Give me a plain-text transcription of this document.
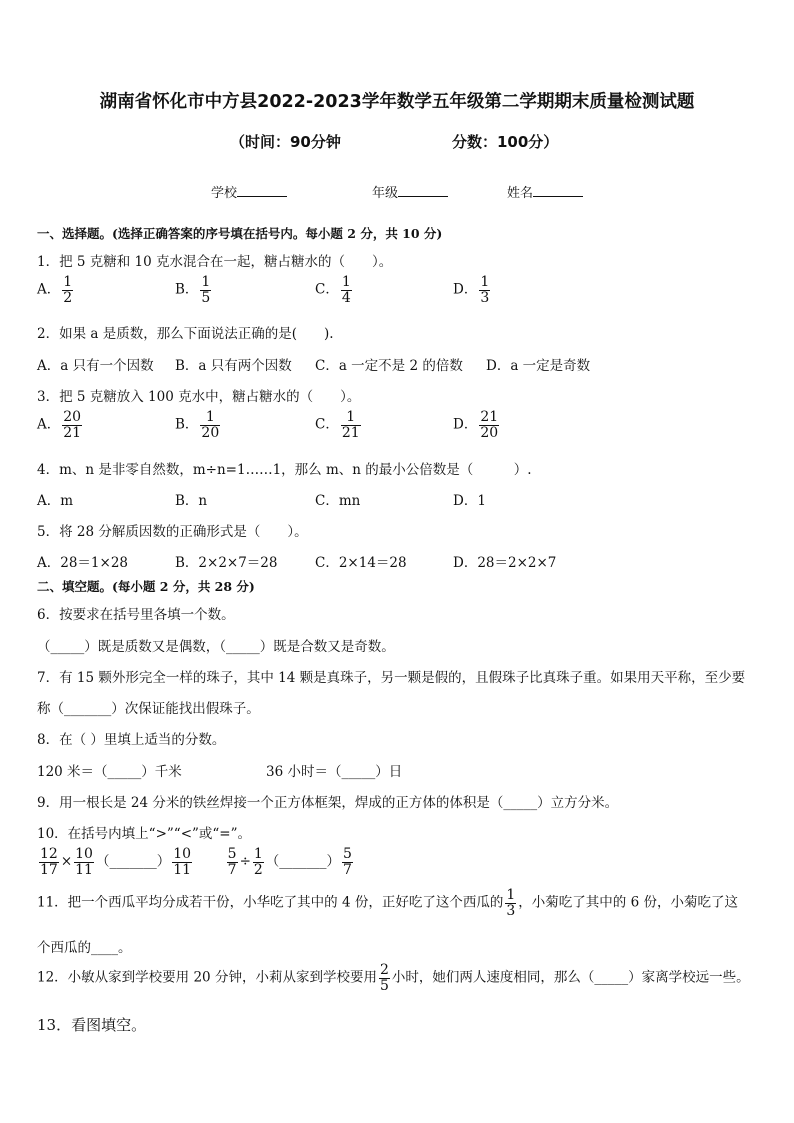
湖南省怀化市中方县2022-2023学年数学五年级第二学期期末质量检测试题
（时间：90分钟	分数：100分）
学校	年级	姓名
一、选择题。(选择正确答案的序号填在括号内。每小题 2 分，共 10 分)
1．把 5 克糖和 10 克水混合在一起，糖占糖水的（　　）。
A． $\frac{1}{2}$	B． $\frac{1}{5}$	C． $\frac{1}{4}$	D． $\frac{1}{3}$
2．如果 a 是质数，那么下面说法正确的是(　　).
A．a 只有一个因数 B．a 只有两个因数 C．a 一定不是 2 的倍数 D．a 一定是奇数
3．把 5 克糖放入 100 克水中，糖占糖水的（　　）。
A． $\frac{20}{21}$	B． $\frac{1}{20}$	C． $\frac{1}{21}$	D． $\frac{21}{20}$
4．m、n 是非零自然数，m÷n=1……1，那么 m、n 的最小公倍数是（　　　）.
A．m	B．n	C．mn	D．1
5．将 28 分解质因数的正确形式是（　　）。
A．28＝1×28	B．2×2×7＝28	C．2×14＝28	D．28＝2×2×7
二、填空题。(每小题 2 分，共 28 分)
6．按要求在括号里各填一个数。
（_____）既是质数又是偶数，（_____）既是合数又是奇数。
7．有 15 颗外形完全一样的珠子，其中 14 颗是真珠子，另一颗是假的，且假珠子比真珠子重。如果用天平称，至少要
称（_______）次保证能找出假珠子。
8．在（ ）里填上适当的分数。
120 米＝（_____）千米	36 小时＝（_____）日
9．用一根长是 24 分米的铁丝焊接一个正方体框架，焊成的正方体的体积是（_____）立方分米。
10．在括号内填上“>”“<”或“=”。
$\frac{12}{17} \times \frac{10}{11}$ （_______） $\frac{10}{11}$
$\frac{5}{7} \div \frac{1}{2}$ （_______） $\frac{5}{7}$
11．把一个西瓜平均分成若干份，小华吃了其中的 4 份，正好吃了这个西瓜的 $\frac{1}{3}$ ，小菊吃了其中的 6 份，小菊吃了这
个西瓜的____。
12．小敏从家到学校要用 20 分钟，小莉从家到学校要用 $\frac{2}{5}$ 小时，她们两人速度相同，那么（_____）家离学校远一些。
13．看图填空。
